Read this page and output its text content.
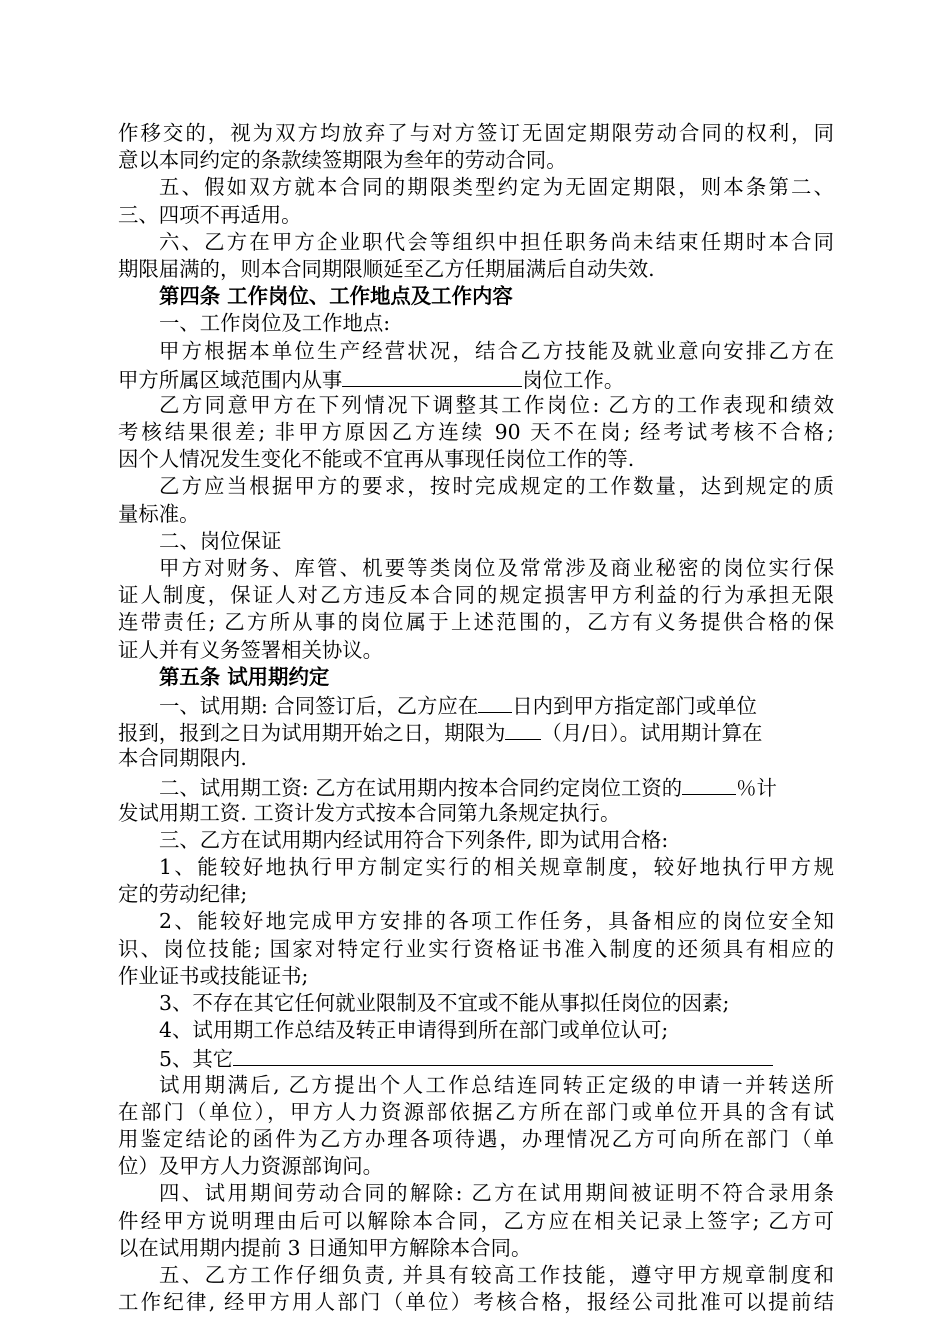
作移交的，视为双方均放弃了与对方签订无固定期限劳动合同的权利，同
意以本同约定的条款续签期限为叁年的劳动合同。
五、假如双方就本合同的期限类型约定为无固定期限，则本条第二、
三、四项不再适用。
六、乙方在甲方企业职代会等组织中担任职务尚未结束任期时本合同
期限届满的，则本合同期限顺延至乙方任期届满后自动失效.
第四条 工作岗位、工作地点及工作内容
一、工作岗位及工作地点:
甲方根据本单位生产经营状况，结合乙方技能及就业意向安排乙方在
甲方所属区域范围内从事	岗位工作。
乙方同意甲方在下列情况下调整其工作岗位: 乙方的工作表现和绩效
考核结果很差; 非甲方原因乙方连续 90 天不在岗; 经考试考核不合格;
因个人情况发生变化不能或不宜再从事现任岗位工作的等.
乙方应当根据甲方的要求，按时完成规定的工作数量，达到规定的质
量标准。
二、岗位保证
甲方对财务、库管、机要等类岗位及常常涉及商业秘密的岗位实行保
证人制度，保证人对乙方违反本合同的规定损害甲方利益的行为承担无限
连带责任; 乙方所从事的岗位属于上述范围的，乙方有义务提供合格的保
证人并有义务签署相关协议。
第五条 试用期约定
一、试用期: 合同签订后，乙方应在 日内到甲方指定部门或单位
报到，报到之日为试用期开始之日，期限为 （月/日）。试用期计算在
本合同期限内.
二、试用期工资: 乙方在试用期内按本合同约定岗位工资的	％计
发试用期工资. 工资计发方式按本合同第九条规定执行。
三、乙方在试用期内经试用符合下列条件, 即为试用合格:
1、能较好地执行甲方制定实行的相关规章制度，较好地执行甲方规
定的劳动纪律;
2、能较好地完成甲方安排的各项工作任务，具备相应的岗位安全知
识、岗位技能; 国家对特定行业实行资格证书准入制度的还须具有相应的
作业证书或技能证书;
3、不存在其它任何就业限制及不宜或不能从事拟任岗位的因素;
4、试用期工作总结及转正申请得到所在部门或单位认可;
5、其它
试用期满后, 乙方提出个人工作总结连同转正定级的申请一并转送所
在部门（单位），甲方人力资源部依据乙方所在部门或单位开具的含有试
用鉴定结论的函件为乙方办理各项待遇，办理情况乙方可向所在部门（单
位）及甲方人力资源部询问。
四、试用期间劳动合同的解除: 乙方在试用期间被证明不符合录用条
件经甲方说明理由后可以解除本合同，乙方应在相关记录上签字; 乙方可
以在试用期内提前 3 日通知甲方解除本合同。
五、乙方工作仔细负责, 并具有较高工作技能，遵守甲方规章制度和
工作纪律, 经甲方用人部门（单位）考核合格，报经公司批准可以提前结
